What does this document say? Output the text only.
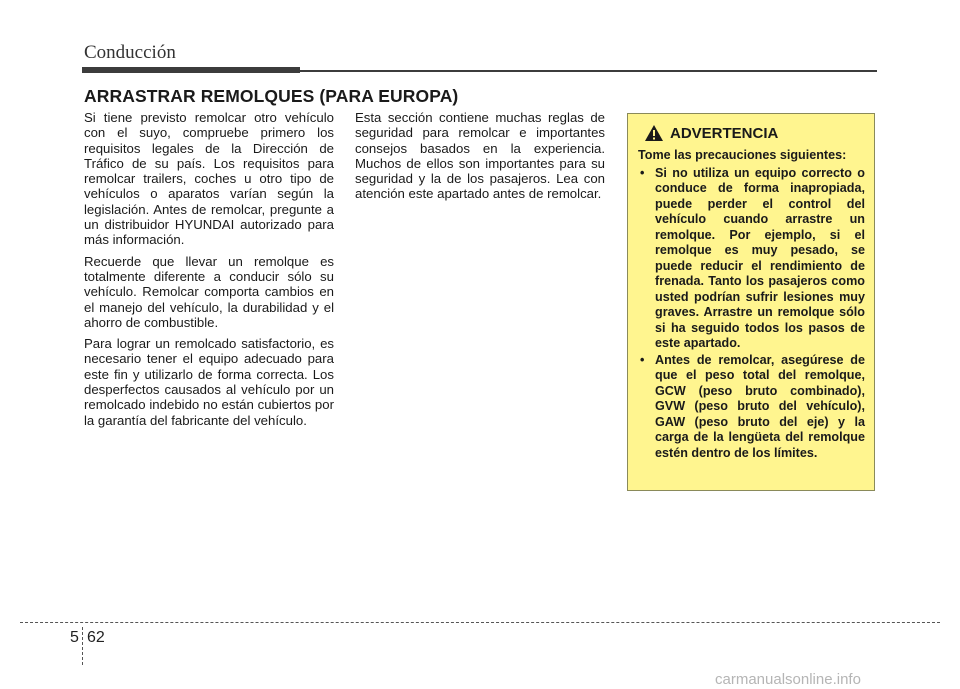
Conducción
ARRASTRAR REMOLQUES (PARA EUROPA)

Si tiene previsto remolcar otro vehículo con el suyo, compruebe primero los requisitos legales de la Dirección de Tráfico de su país. Los requisitos para remolcar trailers, coches u otro tipo de vehículos o aparatos varían según la legislación. Antes de remolcar, pregunte a un distribuidor HYUNDAI autorizado para más información.

Recuerde que llevar un remolque es totalmente diferente a conducir sólo su vehículo. Remolcar comporta cambios en el manejo del vehículo, la durabilidad y el ahorro de combustible.

Para lograr un remolcado satisfactorio, es necesario tener el equipo adecuado para este fin y utilizarlo de forma correcta. Los desperfectos causados al vehículo por un remolcado indebido no están cubiertos por la garantía del fabricante del vehículo.

Esta sección contiene muchas reglas de seguridad para remolcar e importantes consejos basados en la experiencia. Muchos de ellos son importantes para su seguridad y la de los pasajeros. Lea con atención este apartado antes de remolcar.

ADVERTENCIA
Tome las precauciones siguientes:
• Si no utiliza un equipo correcto o conduce de forma inapropiada, puede perder el control del vehículo cuando arrastre un remolque. Por ejemplo, si el remolque es muy pesado, se puede reducir el rendimiento de frenada. Tanto los pasajeros como usted podrían sufrir lesiones muy graves. Arrastre un remolque sólo si ha seguido todos los pasos de este apartado.
• Antes de remolcar, asegúrese de que el peso total del remolque, GCW (peso bruto combinado), GVW (peso bruto del vehículo), GAW (peso bruto del eje) y la carga de la lengüeta del remolque estén dentro de los límites.
5 62
carmanualsonline.info
